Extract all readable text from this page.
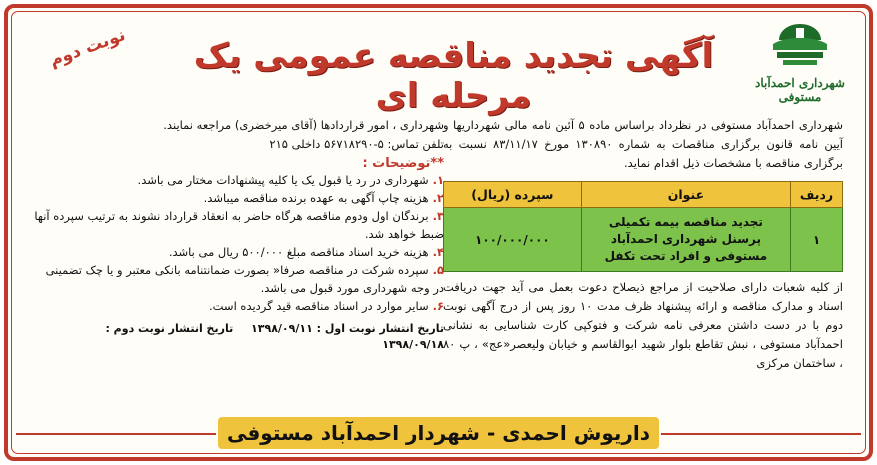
شهرداری احمدآباد مستوفی
آگهی تجدید مناقصه عمومی یک مرحله ای
نوبت دوم

شهرداری احمدآباد مستوفی در نظرداد براساس ماده ۵ آئین نامه مالی شهرداریها و آیین نامه قانون برگزاری مناقصات به شماره ۱۳۰۸۹۰ مورخ ۸۳/۱۱/۱۷ نسبت به برگزاری مناقصه با مشخصات ذیل اقدام نماید.

ردیف	عنوان	سپرده (ریال)
۱	تجدید مناقصه بیمه تکمیلی پرسنل شهرداری احمدآباد مستوفی و افراد تحت تکفل	۱۰۰/۰۰۰/۰۰۰

از کلیه شعبات دارای صلاحیت از مراجع ذیصلاح دعوت بعمل می آید جهت دریافت اسناد و مدارک مناقصه و ارائه پیشنهاد ظرف مدت ۱۰ روز پس از درج آگهی نوبت دوم با در دست داشتن معرفی نامه شرکت و فتوکپی کارت شناسایی به نشانی احمدآباد مستوفی ، نبش تقاطع بلوار شهید ابوالقاسم و خیابان ولیعصر«عج» ، پ ۸۰ ، ساختمان مرکزی

شهرداری ، امور قراردادها (آقای میرخضری) مراجعه نمایند.

تلفن تماس: ۵-۵۶۷۱۸۲۹۰ داخلی ۲۱۵

**توضیحات :

۱.شهرداری در رد یا قبول یک یا کلیه پیشنهادات مختار می باشد.
۲.هزینه چاپ آگهی به عهده برنده مناقصه میباشد.
۳.برندگان اول ودوم مناقصه هرگاه حاضر به انعقاد قرارداد نشوند به ترتیب سپرده آنها ضبط خواهد شد.
۴.هزینه خرید اسناد مناقصه مبلغ ۵۰۰/۰۰۰ ریال می باشد.
۵.سپرده شرکت در مناقصه صرفا« بصورت ضمانتنامه بانکی معتبر و یا چک تضمینی در وجه شهرداری مورد قبول می باشد.
۶.سایر موارد در اسناد مناقصه قید گردیده است.

تاریخ انتشار نوبت اول : ۱۳۹۸/۰۹/۱۱ تاریخ انتشار نوبت دوم : ۱۳۹۸/۰۹/۱۸

داریوش احمدی - شهردار احمدآباد مستوفی
